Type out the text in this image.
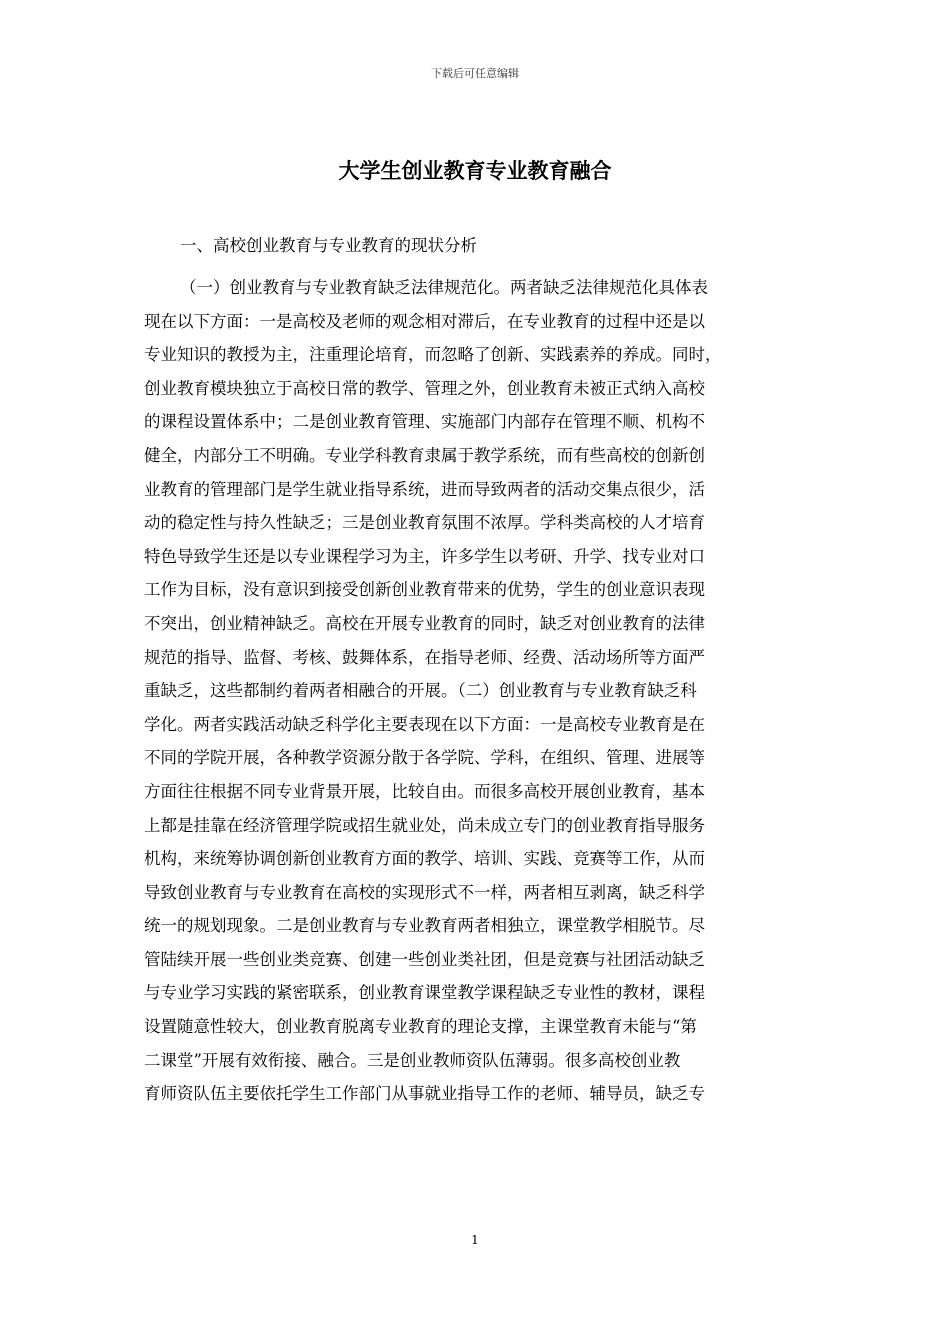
下载后可任意编辑
大学生创业教育专业教育融合
一、高校创业教育与专业教育的现状分析
（一）创业教育与专业教育缺乏法律规范化。两者缺乏法律规范化具体表
现在以下方面：一是高校及老师的观念相对滞后，在专业教育的过程中还是以
专业知识的教授为主，注重理论培育，而忽略了创新、实践素养的养成。同时，
创业教育模块独立于高校日常的教学、管理之外，创业教育未被正式纳入高校
的课程设置体系中；二是创业教育管理、实施部门内部存在管理不顺、机构不
健全，内部分工不明确。专业学科教育隶属于教学系统，而有些高校的创新创
业教育的管理部门是学生就业指导系统，进而导致两者的活动交集点很少，活
动的稳定性与持久性缺乏；三是创业教育氛围不浓厚。学科类高校的人才培育
特色导致学生还是以专业课程学习为主，许多学生以考研、升学、找专业对口
工作为目标，没有意识到接受创新创业教育带来的优势，学生的创业意识表现
不突出，创业精神缺乏。高校在开展专业教育的同时，缺乏对创业教育的法律
规范的指导、监督、考核、鼓舞体系，在指导老师、经费、活动场所等方面严
重缺乏，这些都制约着两者相融合的开展。（二）创业教育与专业教育缺乏科
学化。两者实践活动缺乏科学化主要表现在以下方面：一是高校专业教育是在
不同的学院开展，各种教学资源分散于各学院、学科，在组织、管理、进展等
方面往往根据不同专业背景开展，比较自由。而很多高校开展创业教育，基本
上都是挂靠在经济管理学院或招生就业处，尚未成立专门的创业教育指导服务
机构，来统筹协调创新创业教育方面的教学、培训、实践、竞赛等工作，从而
导致创业教育与专业教育在高校的实现形式不一样，两者相互剥离，缺乏科学
统一的规划现象。二是创业教育与专业教育两者相独立，课堂教学相脱节。尽
管陆续开展一些创业类竞赛、创建一些创业类社团，但是竞赛与社团活动缺乏
与专业学习实践的紧密联系，创业教育课堂教学课程缺乏专业性的教材，课程
设置随意性较大，创业教育脱离专业教育的理论支撑，主课堂教育未能与“第
二课堂”开展有效衔接、融合。三是创业教师资队伍薄弱。很多高校创业教
育师资队伍主要依托学生工作部门从事就业指导工作的老师、辅导员，缺乏专
1
